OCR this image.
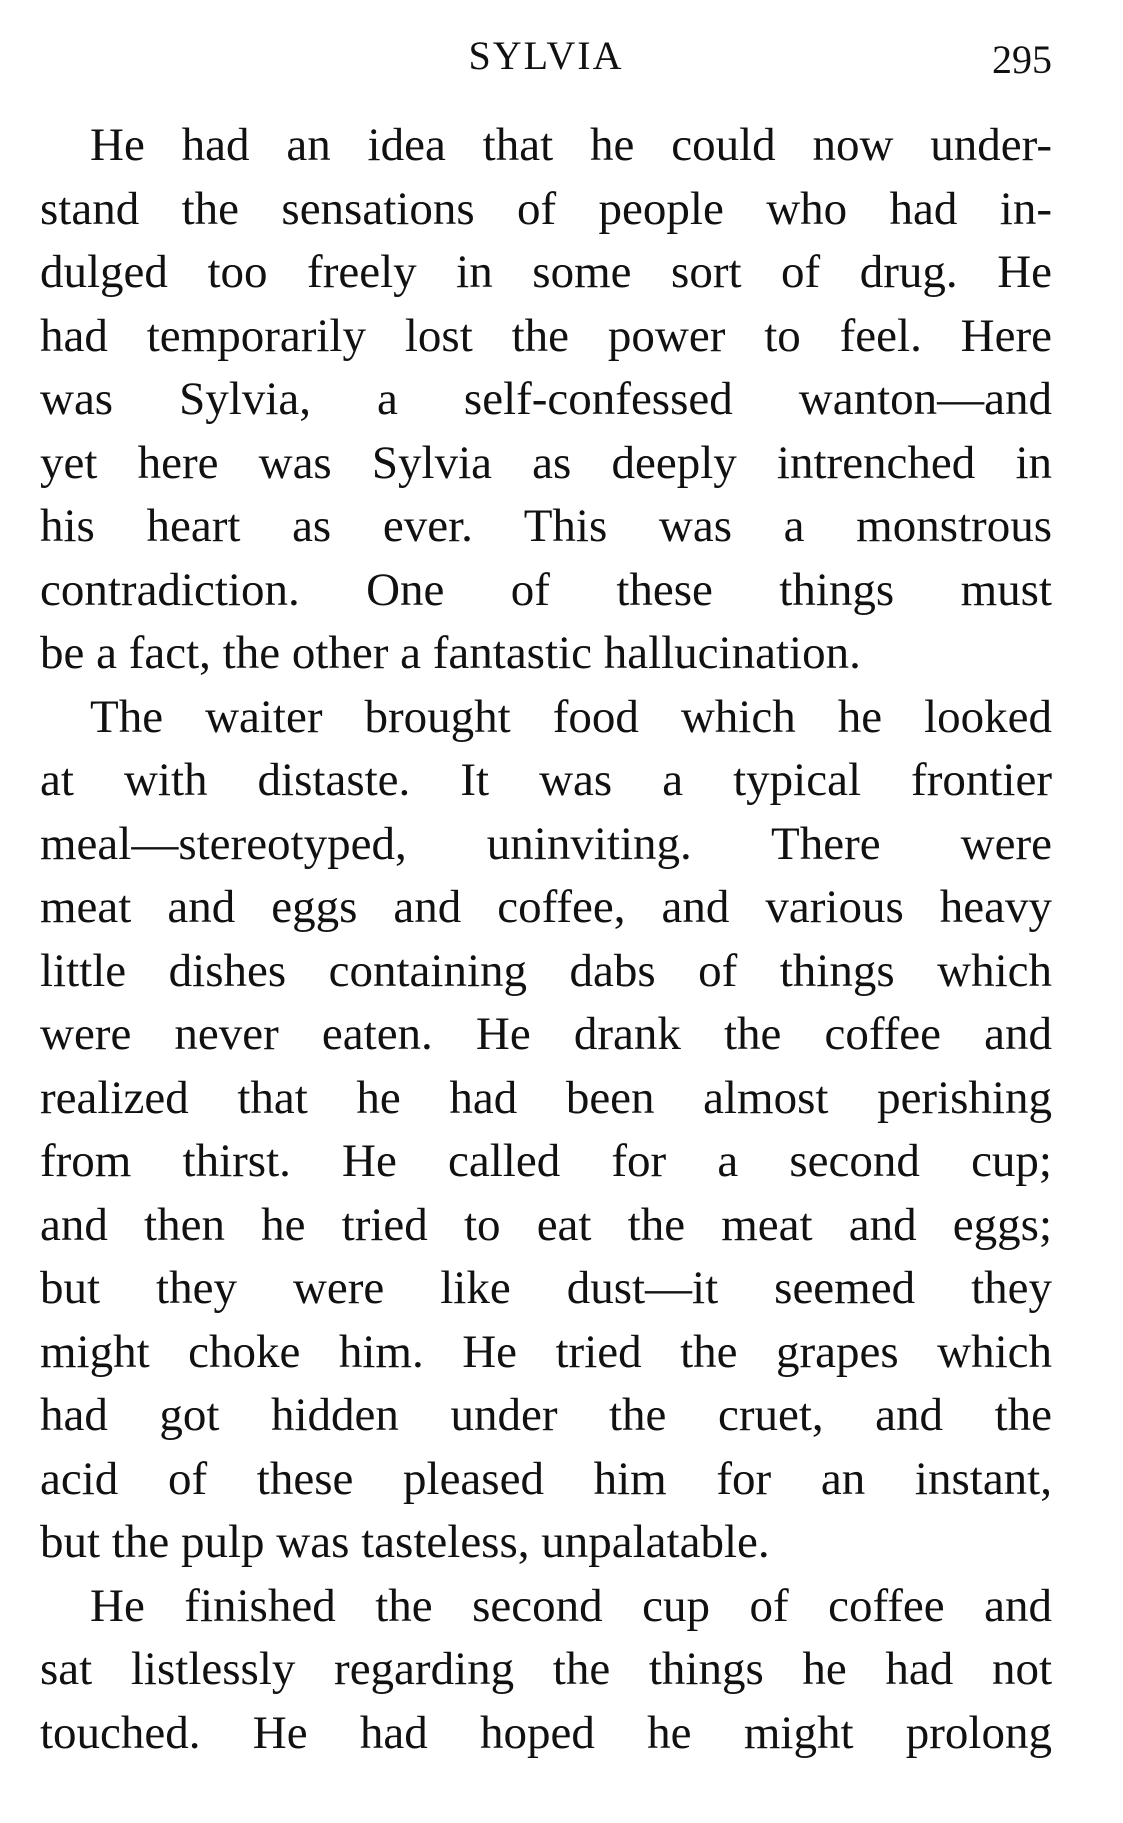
SYLVIA	295
He had an idea that he could now under-
stand the sensations of people who had in-
dulged too freely in some sort of drug. He
had temporarily lost the power to feel. Here
was Sylvia, a self-confessed wanton—and
yet here was Sylvia as deeply intrenched in
his heart as ever. This was a monstrous
contradiction. One of these things must
be a fact, the other a fantastic hallucination.
The waiter brought food which he looked
at with distaste. It was a typical frontier
meal—stereotyped, uninviting. There were
meat and eggs and coffee, and various heavy
little dishes containing dabs of things which
were never eaten. He drank the coffee and
realized that he had been almost perishing
from thirst. He called for a second cup;
and then he tried to eat the meat and eggs;
but they were like dust—it seemed they
might choke him. He tried the grapes which
had got hidden under the cruet, and the
acid of these pleased him for an instant,
but the pulp was tasteless, unpalatable.
He finished the second cup of coffee and
sat listlessly regarding the things he had not
touched. He had hoped he might prolong
